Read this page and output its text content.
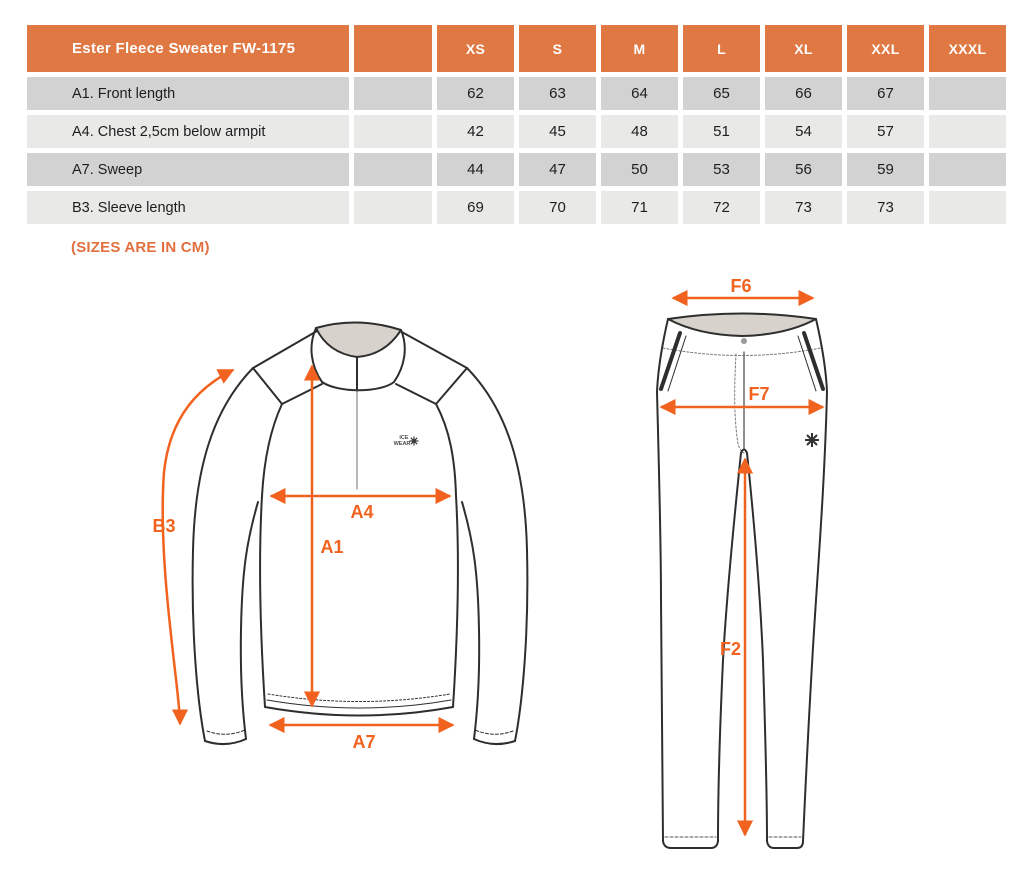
Ester Fleece Sweater FW-1175		XS	S	M	L	XL	XXL	XXXL
A1. Front length		62	63	64	65	66	67	
A4. Chest 2,5cm below armpit		42	45	48	51	54	57	
A7. Sweep		44	47	50	53	56	59	
B3. Sleeve length		69	70	71	72	73	73	
(SIZES ARE IN CM)
ICE
WEAR
B3
A1
A4
A7
F6
F7
F2
